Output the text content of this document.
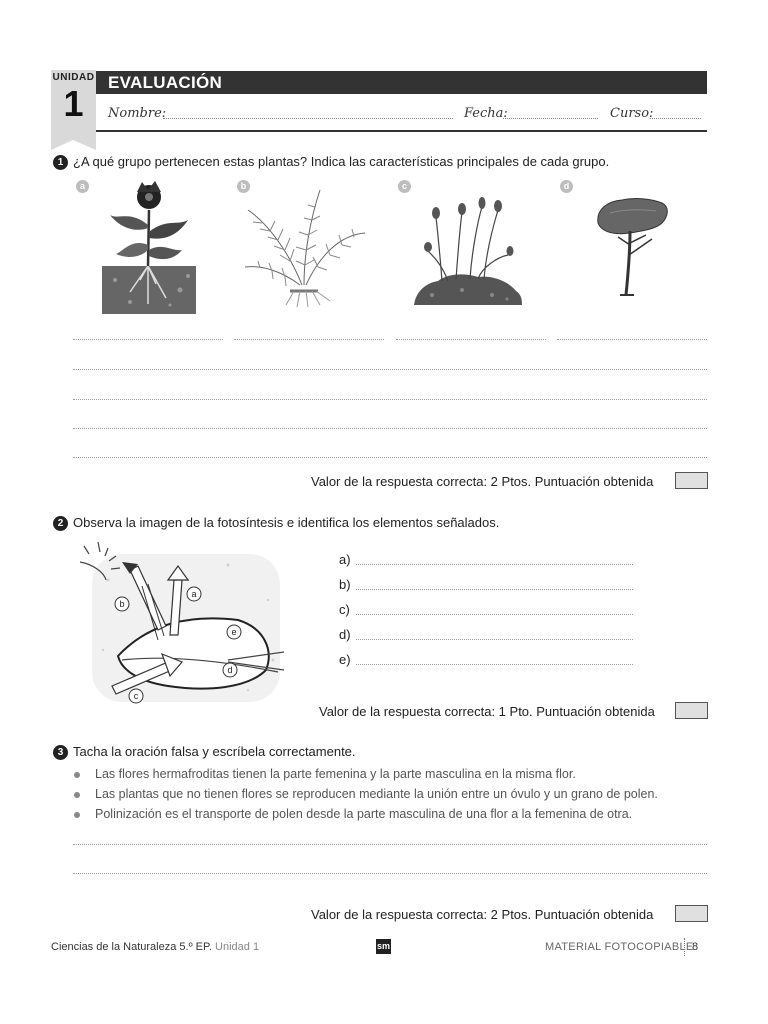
UNIDAD
1
EVALUACIÓN
Nombre:	Fecha:	Curso:
1 ¿A qué grupo pertenecen estas plantas? Indica las características principales de cada grupo.
a	b	c	d
Valor de la respuesta correcta: 2 Ptos. Puntuación obtenida
2 Observa la imagen de la fotosíntesis e identifica los elementos señalados.
a
b
c
d
e
a)
b)
c)
d)
e)
Valor de la respuesta correcta: 1 Pto. Puntuación obtenida
3 Tacha la oración falsa y escríbela correctamente.
Las flores hermafroditas tienen la parte femenina y la parte masculina en la misma flor.
Las plantas que no tienen flores se reproducen mediante la unión entre un óvulo y un grano de polen.
Polinización es el transporte de polen desde la parte masculina de una flor a la femenina de otra.
Valor de la respuesta correcta: 2 Ptos. Puntuación obtenida
Ciencias de la Naturaleza 5.º EP. Unidad 1	sm	MATERIAL FOTOCOPIABLE
8
